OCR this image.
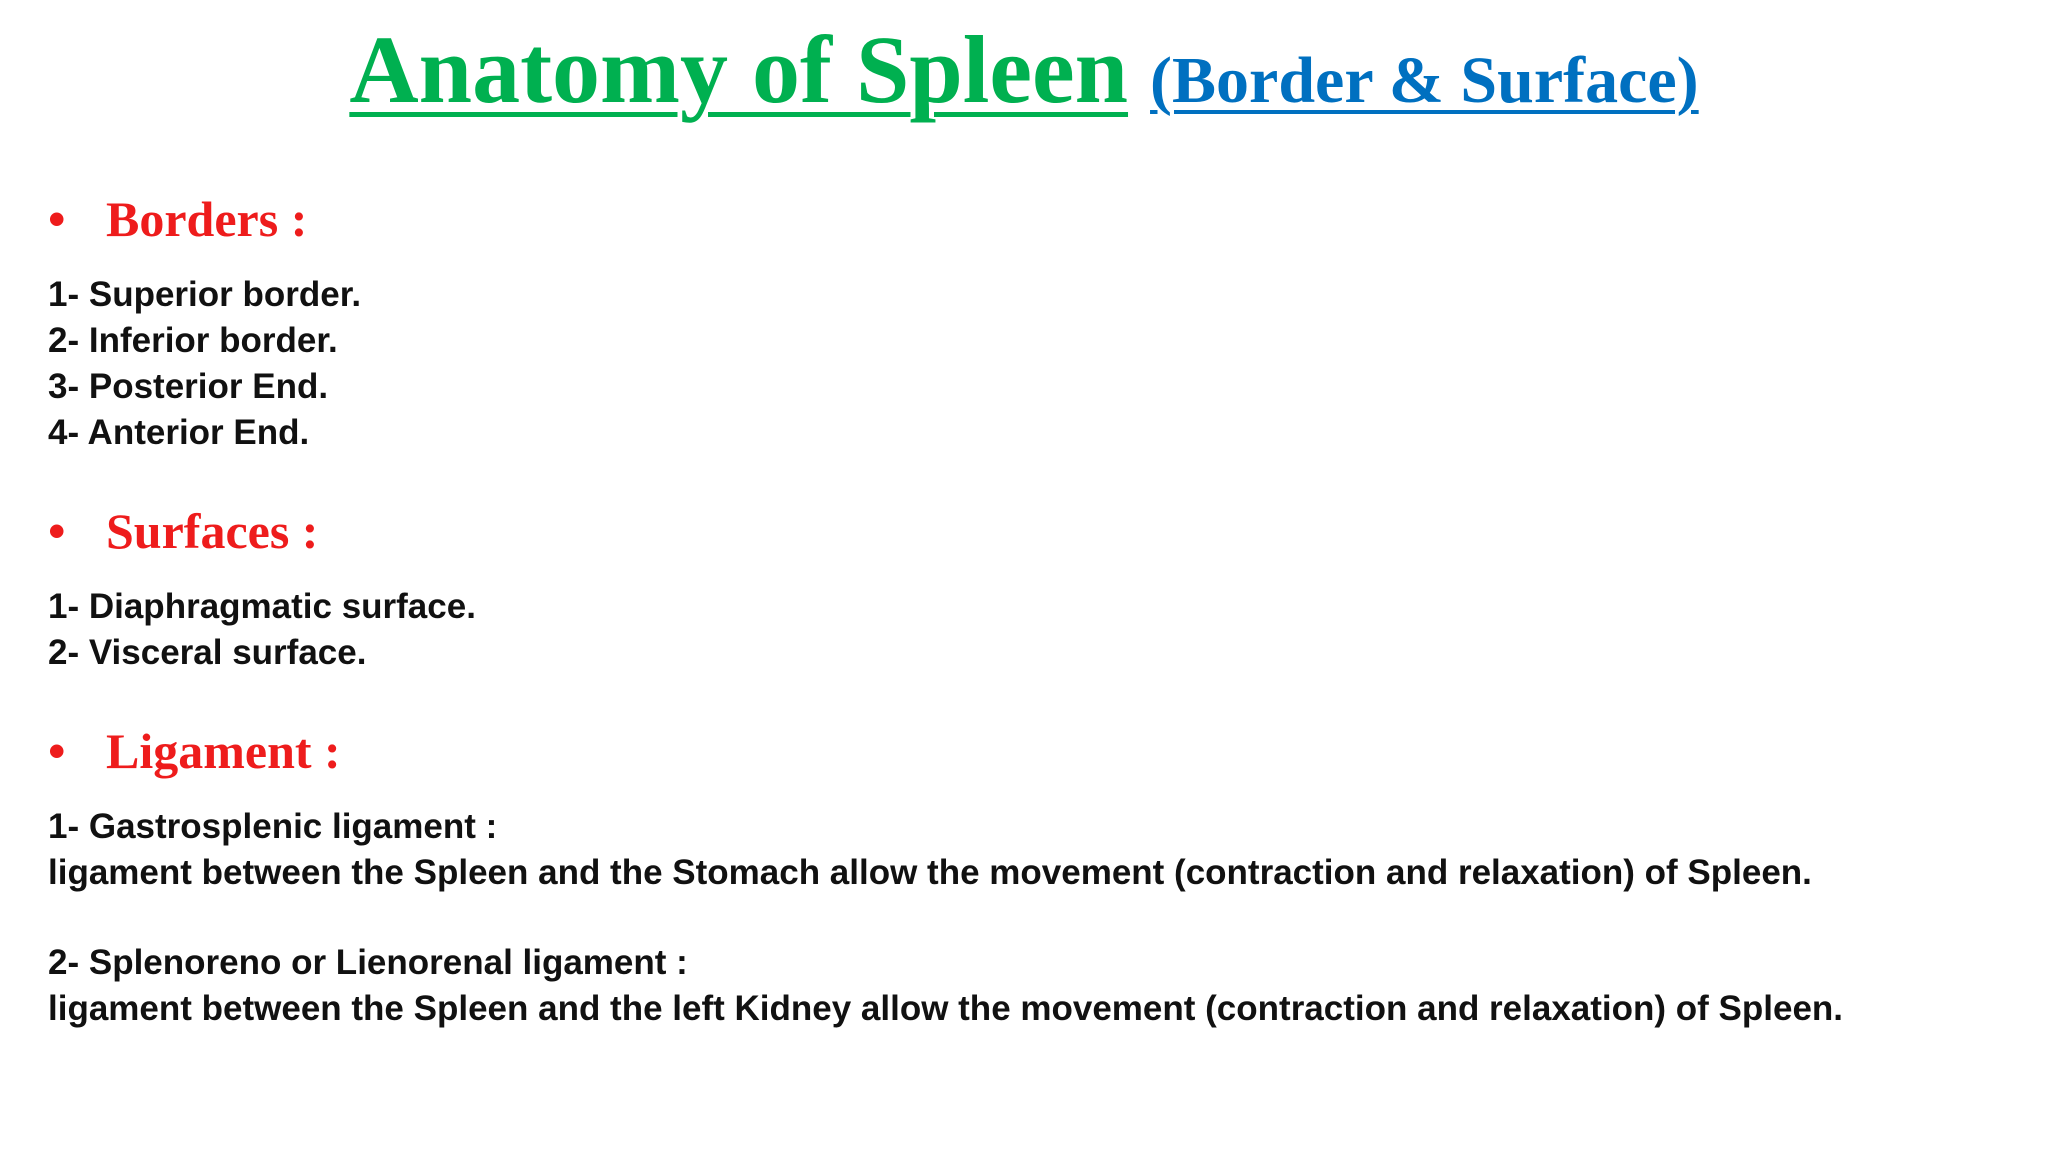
Anatomy of Spleen (Border & Surface)
• Borders :
1- Superior border.
2- Inferior border.
3- Posterior End.
4- Anterior End.
• Surfaces :
1- Diaphragmatic surface.
2- Visceral surface.
• Ligament :
1- Gastrosplenic ligament :
ligament between the Spleen and the Stomach allow the movement (contraction and relaxation) of Spleen.
2- Splenoreno or Lienorenal ligament :
ligament between the Spleen and the left Kidney allow the movement (contraction and relaxation) of Spleen.
